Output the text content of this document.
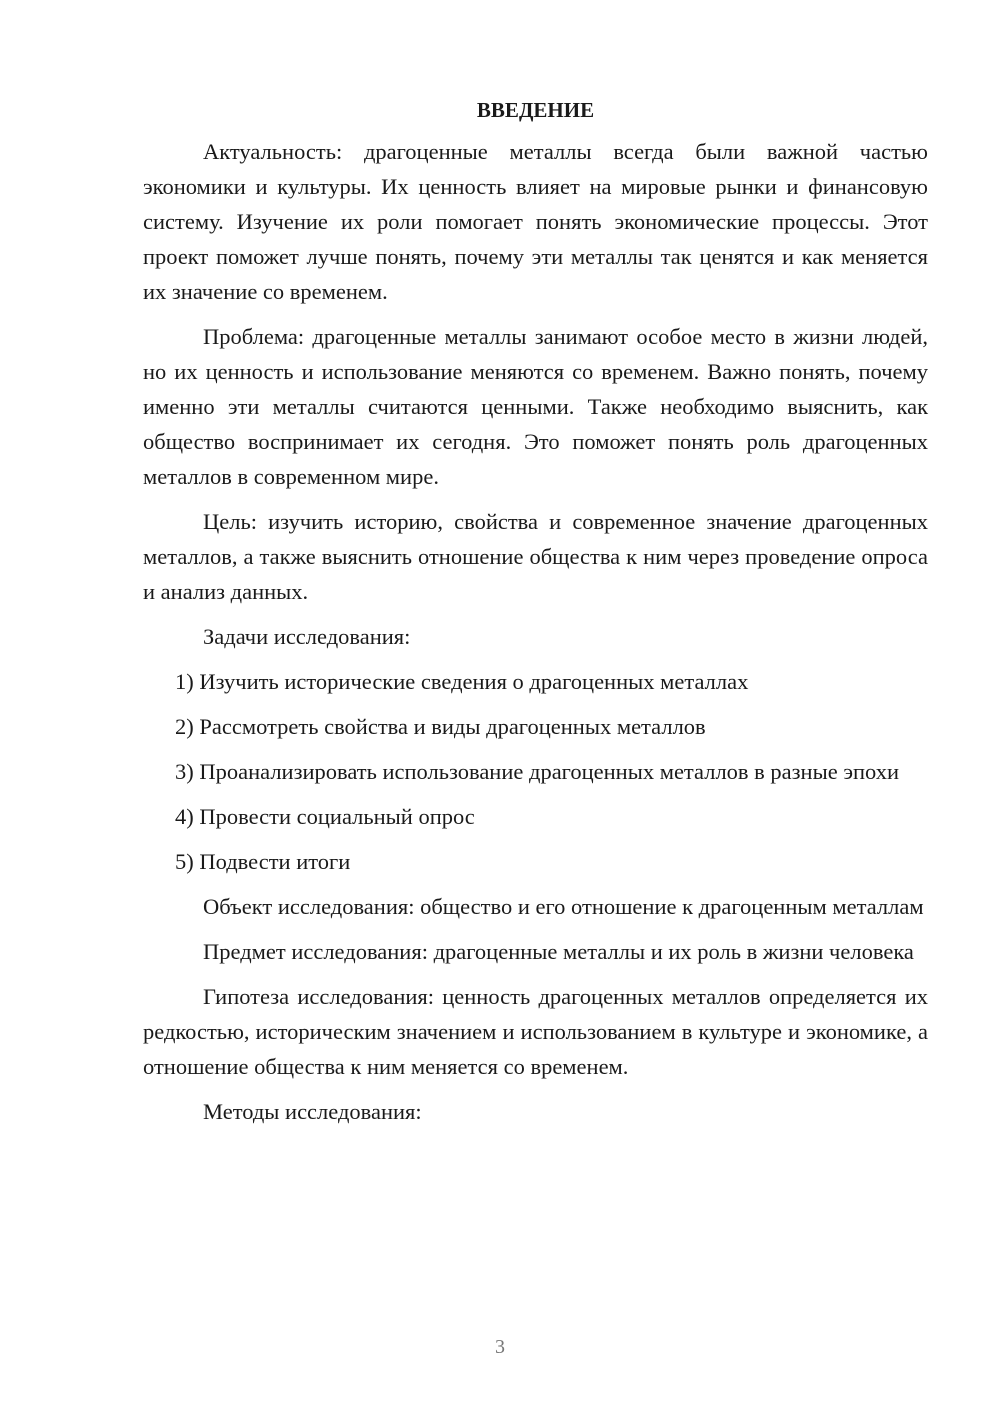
ВВЕДЕНИЕ

Актуальность: драгоценные металлы всегда были важной частью экономики и культуры. Их ценность влияет на мировые рынки и финансовую систему. Изучение их роли помогает понять экономические процессы. Этот проект поможет лучше понять, почему эти металлы так ценятся и как меняется их значение со временем.

Проблема: драгоценные металлы занимают особое место в жизни людей, но их ценность и использование меняются со временем. Важно понять, почему именно эти металлы считаются ценными. Также необходимо выяснить, как общество воспринимает их сегодня. Это поможет понять роль драгоценных металлов в современном мире.

Цель: изучить историю, свойства и современное значение драгоценных металлов, а также выяснить отношение общества к ним через проведение опроса и анализ данных.

Задачи исследования:

1) Изучить исторические сведения о драгоценных металлах

2) Рассмотреть свойства и виды драгоценных металлов

3) Проанализировать использование драгоценных металлов в разные эпохи

4) Провести социальный опрос

5) Подвести итоги

Объект исследования: общество и его отношение к драгоценным металлам

Предмет исследования: драгоценные металлы и их роль в жизни человека

Гипотеза исследования: ценность драгоценных металлов определяется их редкостью, историческим значением и использованием в культуре и экономике, а отношение общества к ним меняется со временем.

Методы исследования:

3
